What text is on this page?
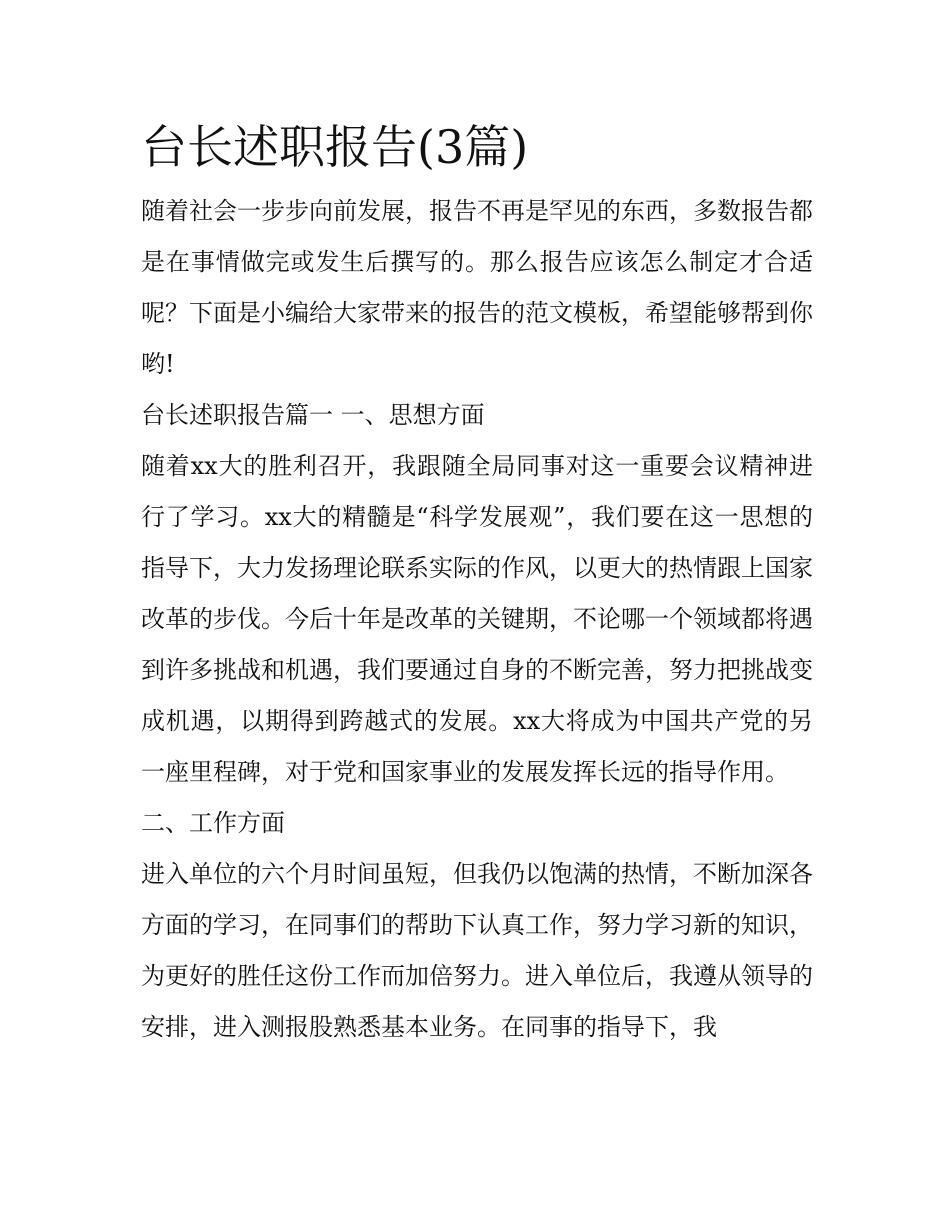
台长述职报告(3篇)

随着社会一步步向前发展，报告不再是罕见的东西，多数报告都是在事情做完或发生后撰写的。那么报告应该怎么制定才合适呢？下面是小编给大家带来的报告的范文模板，希望能够帮到你哟!

台长述职报告篇一 一、思想方面

随着xx大的胜利召开，我跟随全局同事对这一重要会议精神进行了学习。xx大的精髓是“科学发展观”，我们要在这一思想的指导下，大力发扬理论联系实际的作风，以更大的热情跟上国家改革的步伐。今后十年是改革的关键期，不论哪一个领域都将遇到许多挑战和机遇，我们要通过自身的不断完善，努力把挑战变成机遇，以期得到跨越式的发展。xx大将成为中国共产党的另一座里程碑，对于党和国家事业的发展发挥长远的指导作用。

二、工作方面

进入单位的六个月时间虽短，但我仍以饱满的热情，不断加深各方面的学习，在同事们的帮助下认真工作，努力学习新的知识，为更好的胜任这份工作而加倍努力。进入单位后，我遵从领导的安排，进入测报股熟悉基本业务。在同事的指导下，我
